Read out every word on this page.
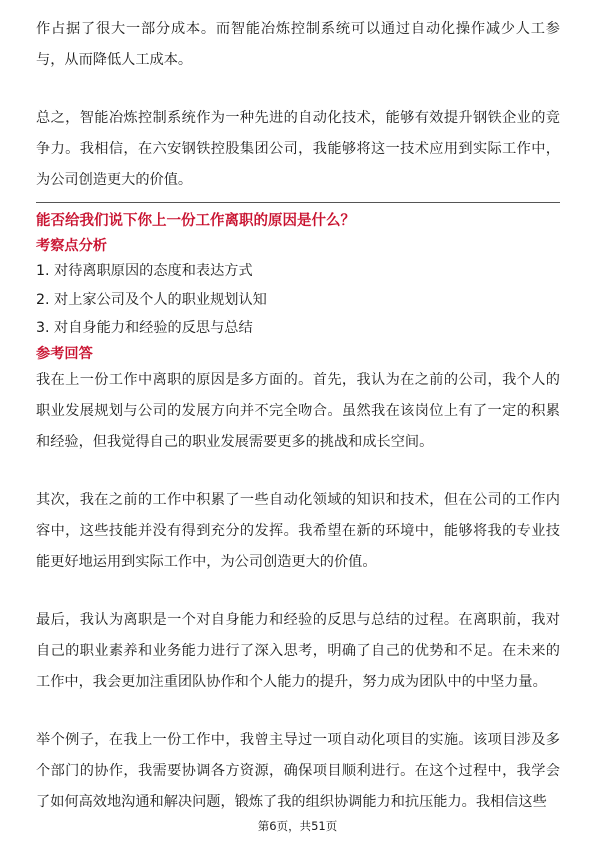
作占据了很大一部分成本。而智能冶炼控制系统可以通过自动化操作减少人工参与，从而降低人工成本。

总之，智能冶炼控制系统作为一种先进的自动化技术，能够有效提升钢铁企业的竞争力。我相信，在六安钢铁控股集团公司，我能够将这一技术应用到实际工作中，为公司创造更大的价值。

能否给我们说下你上一份工作离职的原因是什么？

考察点分析

1. 对待离职原因的态度和表达方式
2. 对上家公司及个人的职业规划认知
3. 对自身能力和经验的反思与总结

参考回答

我在上一份工作中离职的原因是多方面的。首先，我认为在之前的公司，我个人的职业发展规划与公司的发展方向并不完全吻合。虽然我在该岗位上有了一定的积累和经验，但我觉得自己的职业发展需要更多的挑战和成长空间。

其次，我在之前的工作中积累了一些自动化领域的知识和技术，但在公司的工作内容中，这些技能并没有得到充分的发挥。我希望在新的环境中，能够将我的专业技能更好地运用到实际工作中，为公司创造更大的价值。

最后，我认为离职是一个对自身能力和经验的反思与总结的过程。在离职前，我对自己的职业素养和业务能力进行了深入思考，明确了自己的优势和不足。在未来的工作中，我会更加注重团队协作和个人能力的提升，努力成为团队中的中坚力量。

举个例子，在我上一份工作中，我曾主导过一项自动化项目的实施。该项目涉及多个部门的协作，我需要协调各方资源，确保项目顺利进行。在这个过程中，我学会了如何高效地沟通和解决问题，锻炼了我的组织协调能力和抗压能力。我相信这些

第6页，共51页
